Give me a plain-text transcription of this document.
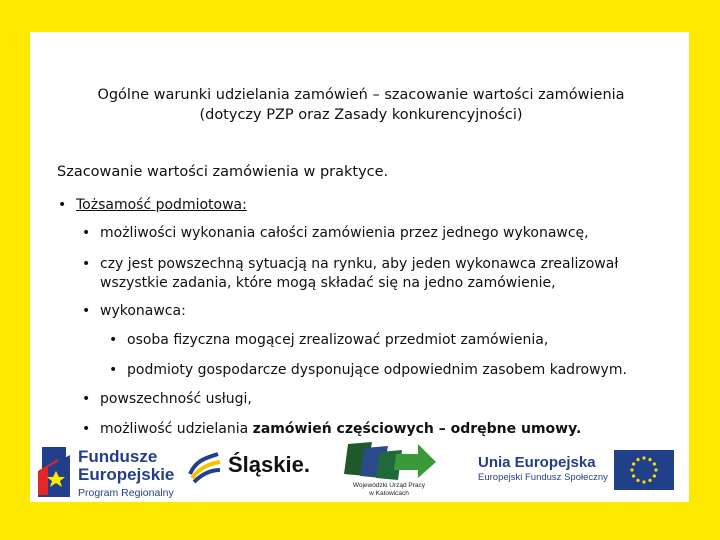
Ogólne warunki udzielania zamówień – szacowanie wartości zamówienia
(dotyczy PZP oraz Zasady konkurencyjności)
Szacowanie wartości zamówienia w praktyce.
• Tożsamość podmiotowa:
• możliwości wykonania całości zamówienia przez jednego wykonawcę,
• czy jest powszechną sytuacją na rynku, aby jeden wykonawca zrealizował
wszystkie zadania, które mogą składać się na jedno zamówienie,
• wykonawca:
• osoba fizyczna mogącej zrealizować przedmiot zamówienia,
• podmioty gospodarcze dysponujące odpowiednim zasobem kadrowym.
• powszechność usługi,
• możliwość udzielania zamówień częściowych – odrębne umowy.
Fundusze
Europejskie
Program Regionalny
Śląskie.
Wojewódzki Urząd Pracy
w Katowicach
Unia Europejska
Europejski Fundusz Społeczny
